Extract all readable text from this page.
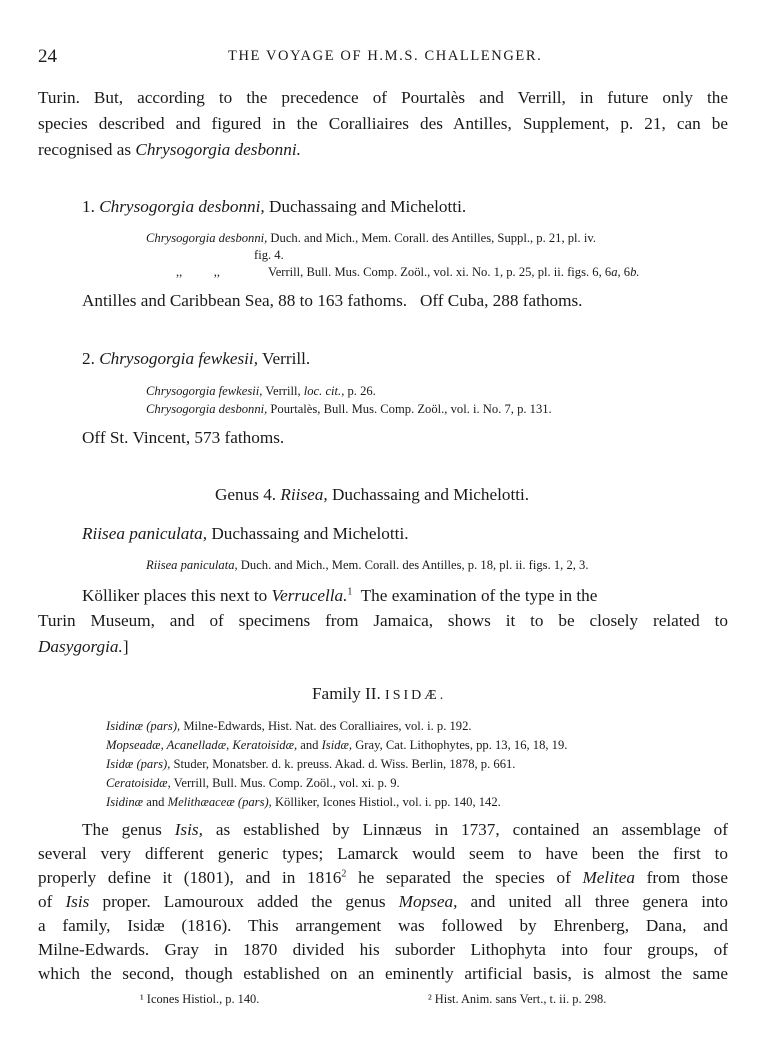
24	THE VOYAGE OF H.M.S. CHALLENGER.
Turin. But, according to the precedence of Pourtalès and Verrill, in future only the
species described and figured in the Coralliaires des Antilles, Supplement, p. 21, can be
recognised as Chrysogorgia desbonni.
1. Chrysogorgia desbonni, Duchassaing and Michelotti.
Chrysogorgia desbonni, Duch. and Mich., Mem. Corall. des Antilles, Suppl., p. 21, pl. iv.
fig. 4.
,,          ,,	Verrill, Bull. Mus. Comp. Zoöl., vol. xi. No. 1, p. 25, pl. ii. figs. 6, 6a, 6b.
Antilles and Caribbean Sea, 88 to 163 fathoms.   Off Cuba, 288 fathoms.
2. Chrysogorgia fewkesii, Verrill.
Chrysogorgia fewkesii, Verrill, loc. cit., p. 26.
Chrysogorgia desbonni, Pourtalès, Bull. Mus. Comp. Zoöl., vol. i. No. 7, p. 131.
Off St. Vincent, 573 fathoms.
Genus 4. Riisea, Duchassaing and Michelotti.
Riisea paniculata, Duchassaing and Michelotti.
Riisea paniculata, Duch. and Mich., Mem. Corall. des Antilles, p. 18, pl. ii. figs. 1, 2, 3.
Kölliker places this next to Verrucella.$^1$  The examination of the type in the
Turin Museum, and of specimens from Jamaica, shows it to be closely related to
Dasygorgia.]
Family II. ISIDÆ.
Isidinæ (pars), Milne-Edwards, Hist. Nat. des Coralliaires, vol. i. p. 192.
Mopseadæ, Acanelladæ, Keratoisidæ, and Isidæ, Gray, Cat. Lithophytes, pp. 13, 16, 18, 19.
Isidæ (pars), Studer, Monatsber. d. k. preuss. Akad. d. Wiss. Berlin, 1878, p. 661.
Ceratoisidæ, Verrill, Bull. Mus. Comp. Zoöl., vol. xi. p. 9.
Isidinæ and Melithæaceæ (pars), Kölliker, Icones Histiol., vol. i. pp. 140, 142.
The genus Isis, as established by Linnæus in 1737, contained an assemblage of
several very different generic types; Lamarck would seem to have been the first to
properly define it (1801), and in 1816$^2$ he separated the species of Melitea from those
of Isis proper. Lamouroux added the genus Mopsea, and united all three genera into
a family, Isidæ (1816). This arrangement was followed by Ehrenberg, Dana, and
Milne-Edwards. Gray in 1870 divided his suborder Lithophyta into four groups, of
which the second, though established on an eminently artificial basis, is almost the same
¹ Icones Histiol., p. 140.	² Hist. Anim. sans Vert., t. ii. p. 298.
